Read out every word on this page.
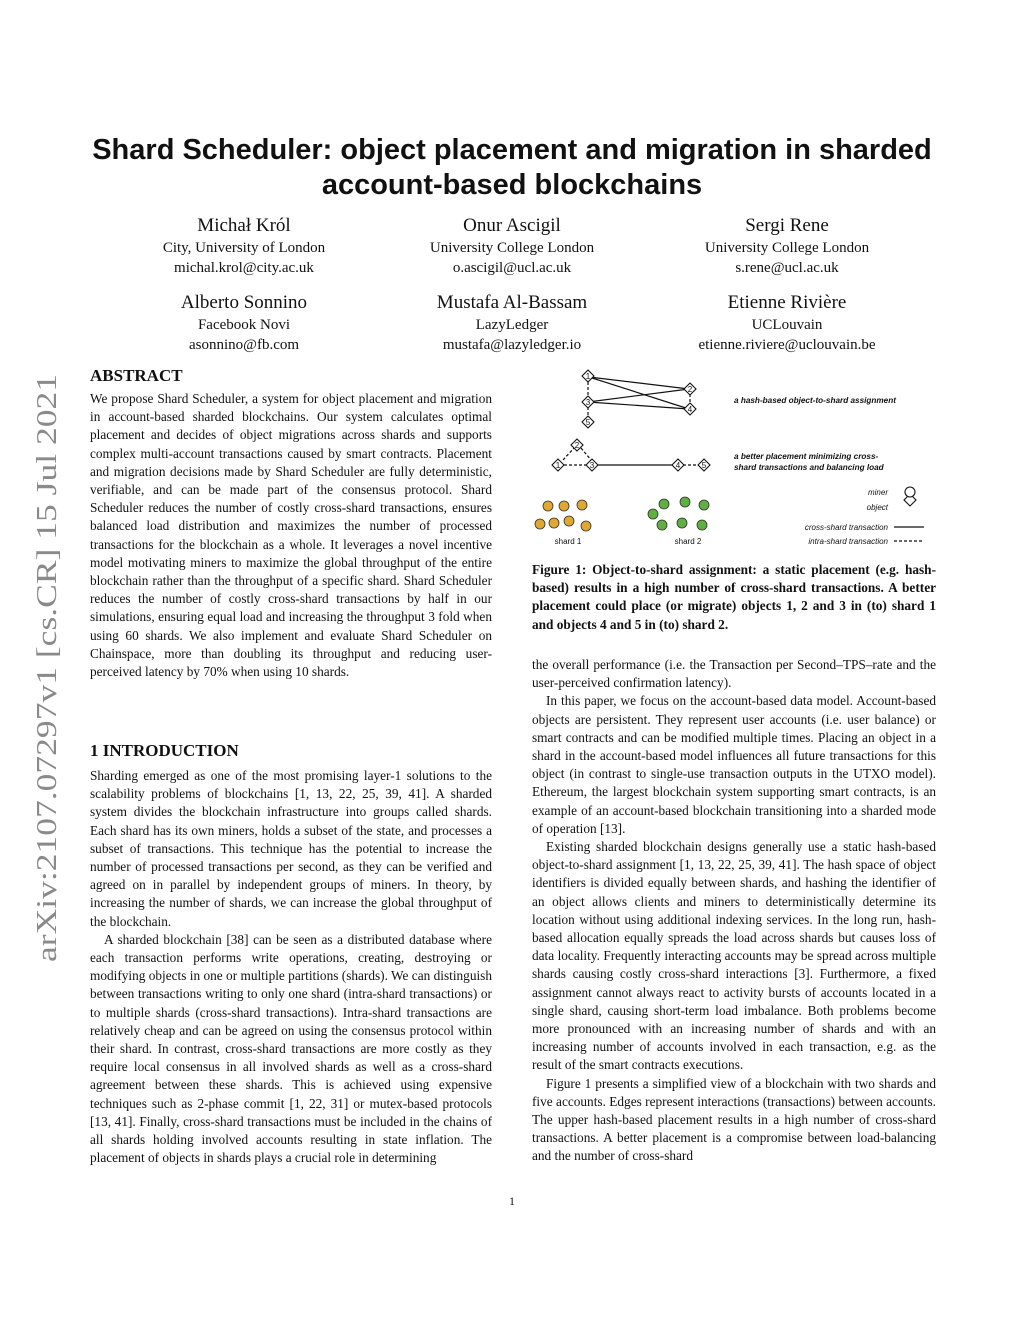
arXiv:2107.07297v1 [cs.CR] 15 Jul 2021
Shard Scheduler: object placement and migration in sharded account-based blockchains
Michał Król
City, University of London
michal.krol@city.ac.uk
Onur Ascigil
University College London
o.ascigil@ucl.ac.uk
Sergi Rene
University College London
s.rene@ucl.ac.uk
Alberto Sonnino
Facebook Novi
asonnino@fb.com
Mustafa Al-Bassam
LazyLedger
mustafa@lazyledger.io
Etienne Rivière
UCLouvain
etienne.riviere@uclouvain.be
ABSTRACT

We propose Shard Scheduler, a system for object placement and migration in account-based sharded blockchains. Our system calculates optimal placement and decides of object migrations across shards and supports complex multi-account transactions caused by smart contracts. Placement and migration decisions made by Shard Scheduler are fully deterministic, verifiable, and can be made part of the consensus protocol. Shard Scheduler reduces the number of costly cross-shard transactions, ensures balanced load distribution and maximizes the number of processed transactions for the blockchain as a whole. It leverages a novel incentive model motivating miners to maximize the global throughput of the entire blockchain rather than the throughput of a specific shard. Shard Scheduler reduces the number of costly cross-shard transactions by half in our simulations, ensuring equal load and increasing the throughput 3 fold when using 60 shards. We also implement and evaluate Shard Scheduler on Chainspace, more than doubling its throughput and reducing user-perceived latency by 70% when using 10 shards.

1 INTRODUCTION

Sharding emerged as one of the most promising layer-1 solutions to the scalability problems of blockchains [1, 13, 22, 25, 39, 41]. A sharded system divides the blockchain infrastructure into groups called shards. Each shard has its own miners, holds a subset of the state, and processes a subset of transactions. This technique has the potential to increase the number of processed transactions per second, as they can be verified and agreed on in parallel by independent groups of miners. In theory, by increasing the number of shards, we can increase the global throughput of the blockchain.

A sharded blockchain [38] can be seen as a distributed database where each transaction performs write operations, creating, destroying or modifying objects in one or multiple partitions (shards). We can distinguish between transactions writing to only one shard (intra-shard transactions) or to multiple shards (cross-shard transactions). Intra-shard transactions are relatively cheap and can be agreed on using the consensus protocol within their shard. In contrast, cross-shard transactions are more costly as they require local consensus in all involved shards as well as a cross-shard agreement between these shards. This is achieved using expensive techniques such as 2-phase commit [1, 22, 31] or mutex-based protocols [13, 41]. Finally, cross-shard transactions must be included in the chains of all shards holding involved accounts resulting in state inflation. The placement of objects in shards plays a crucial role in determining

1
2
3
4
5
1
2
3	4	5
a hash-based object-to-shard assignment
a better placement minimizing cross-
shard transactions and balancing load
miner
object
cross-shard transaction
intra-shard transaction
shard 1	shard 2
Figure 1: Object-to-shard assignment: a static placement (e.g. hash-based) results in a high number of cross-shard transactions. A better placement could place (or migrate) objects 1, 2 and 3 in (to) shard 1 and objects 4 and 5 in (to) shard 2.

the overall performance (i.e. the Transaction per Second–TPS–rate and the user-perceived confirmation latency).

In this paper, we focus on the account-based data model. Account-based objects are persistent. They represent user accounts (i.e. user balance) or smart contracts and can be modified multiple times. Placing an object in a shard in the account-based model influences all future transactions for this object (in contrast to single-use transaction outputs in the UTXO model). Ethereum, the largest blockchain system supporting smart contracts, is an example of an account-based blockchain transitioning into a sharded mode of operation [13].

Existing sharded blockchain designs generally use a static hash-based object-to-shard assignment [1, 13, 22, 25, 39, 41]. The hash space of object identifiers is divided equally between shards, and hashing the identifier of an object allows clients and miners to deterministically determine its location without using additional indexing services. In the long run, hash-based allocation equally spreads the load across shards but causes loss of data locality. Frequently interacting accounts may be spread across multiple shards causing costly cross-shard interactions [3]. Furthermore, a fixed assignment cannot always react to activity bursts of accounts located in a single shard, causing short-term load imbalance. Both problems become more pronounced with an increasing number of shards and with an increasing number of accounts involved in each transaction, e.g. as the result of the smart contracts executions.

Figure 1 presents a simplified view of a blockchain with two shards and five accounts. Edges represent interactions (transactions) between accounts. The upper hash-based placement results in a high number of cross-shard transactions. A better placement is a compromise between load-balancing and the number of cross-shard

1
